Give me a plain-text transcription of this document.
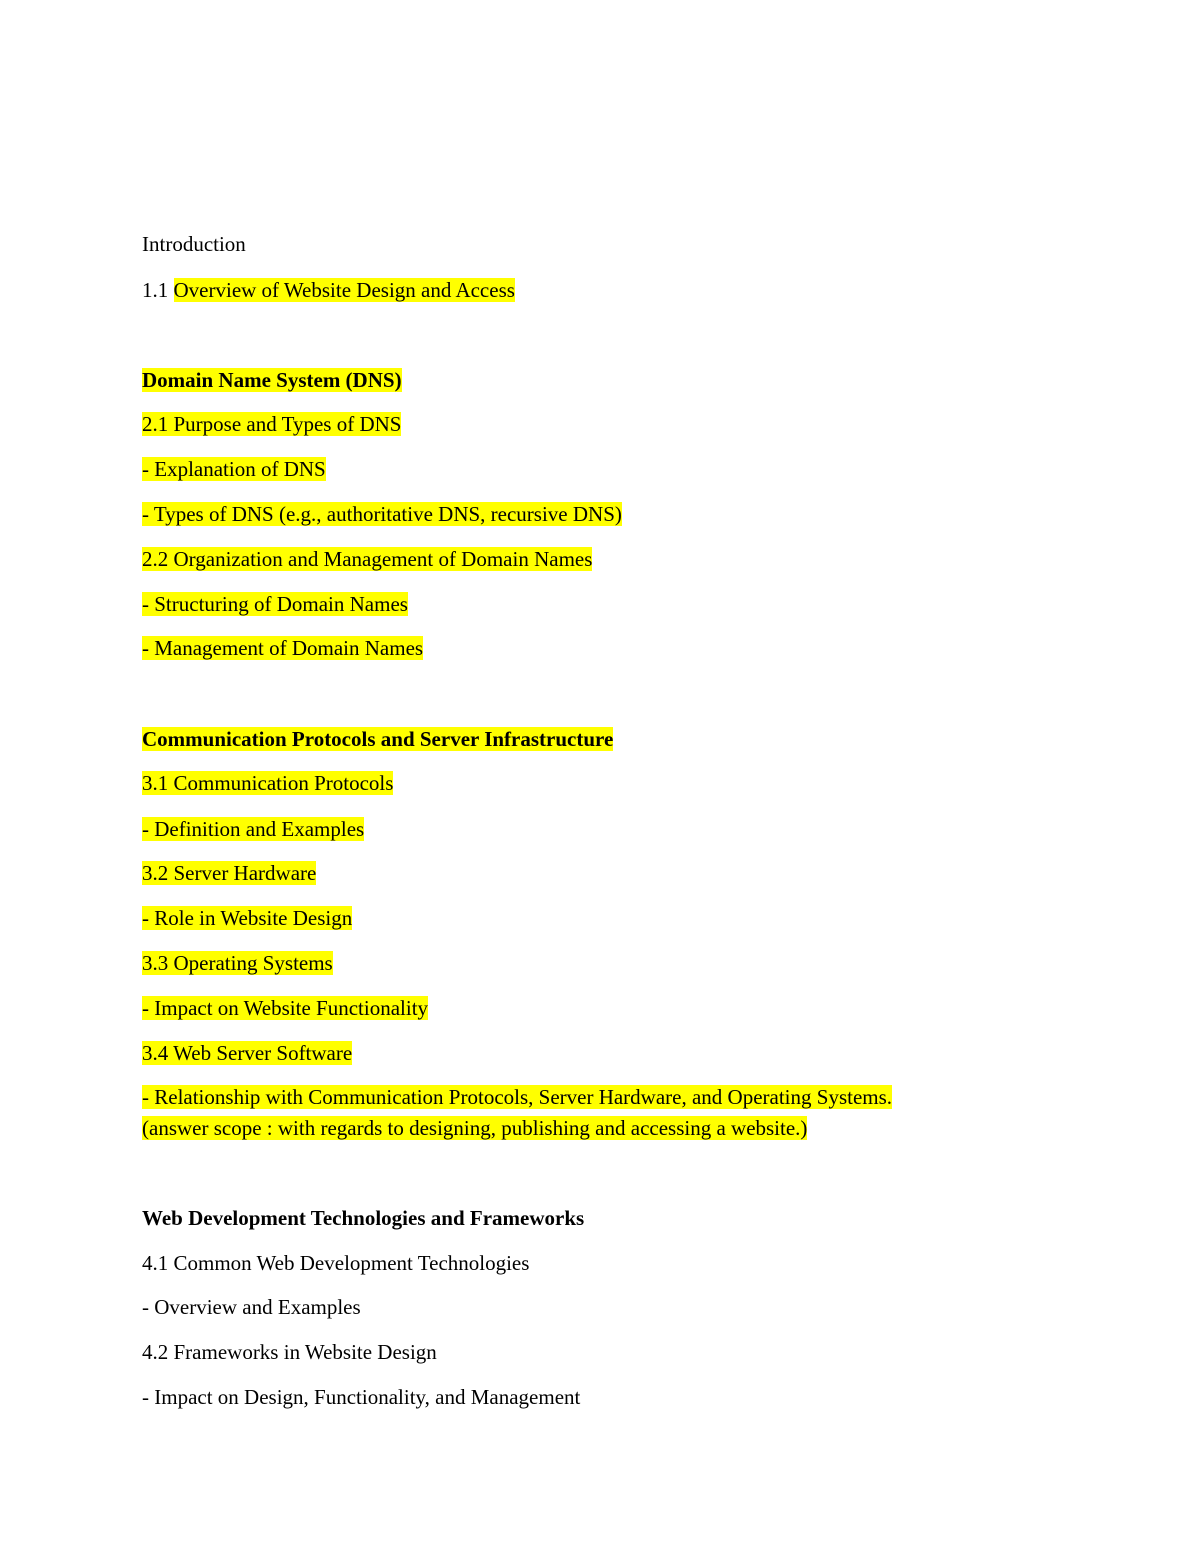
Introduction
1.1 Overview of Website Design and Access
Domain Name System (DNS)
2.1 Purpose and Types of DNS
- Explanation of DNS
- Types of DNS (e.g., authoritative DNS, recursive DNS)
2.2 Organization and Management of Domain Names
- Structuring of Domain Names
- Management of Domain Names
Communication Protocols and Server Infrastructure
3.1 Communication Protocols
- Definition and Examples
3.2 Server Hardware
- Role in Website Design
3.3 Operating Systems
- Impact on Website Functionality
3.4 Web Server Software
- Relationship with Communication Protocols, Server Hardware, and Operating Systems.
(answer scope : with regards to designing, publishing and accessing a website.)
Web Development Technologies and Frameworks
4.1 Common Web Development Technologies
- Overview and Examples
4.2 Frameworks in Website Design
- Impact on Design, Functionality, and Management
